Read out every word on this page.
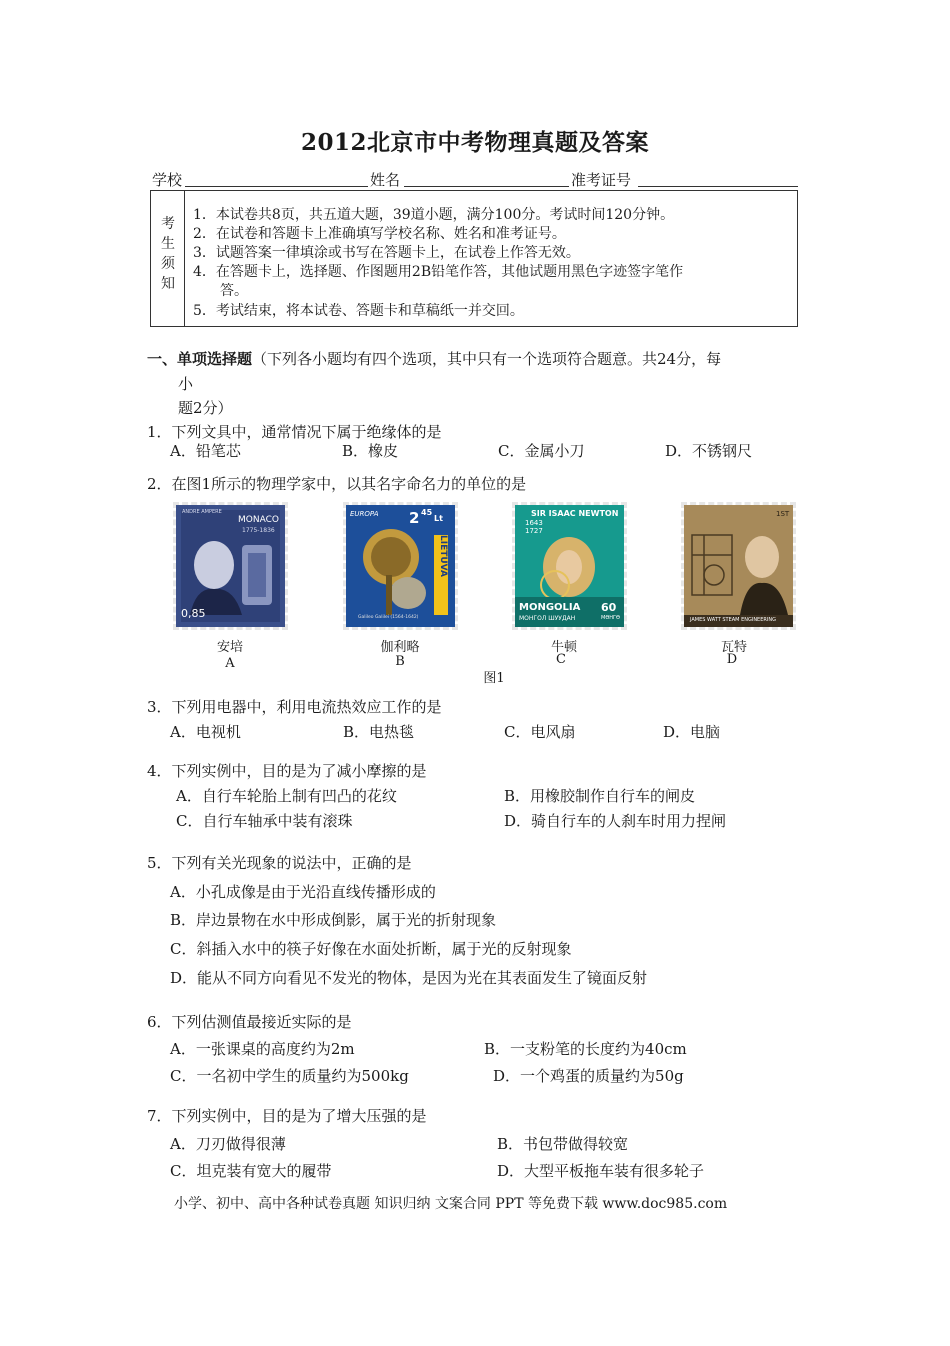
2012北京市中考物理真题及答案
学校	姓名	准考证号
考
生
须
知
1．本试卷共8页，共五道大题，39道小题，满分100分。考试时间120分钟。
2．在试卷和答题卡上准确填写学校名称、姓名和准考证号。
3．试题答案一律填涂或书写在答题卡上，在试卷上作答无效。
4．在答题卡上，选择题、作图题用2B铅笔作答，其他试题用黑色字迹签字笔作
答。
5．考试结束，将本试卷、答题卡和草稿纸一并交回。
一、单项选择题（下列各小题均有四个选项，其中只有一个选项符合题意。共24分，每
小
题2分）
1．下列文具中，通常情况下属于绝缘体的是
A．铅笔芯	B．橡皮	C．金属小刀	D．不锈钢尺
2．在图1所示的物理学家中，以其名字命名力的单位的是
ANDRE AMPERE
MONACO
1775-1836
0,85
EUROPA 2 45
Lt
LIETUVA
Galileo Galilei (1564-1642)
SIR ISAAC NEWTON
1643
1727
MONGOLIA 60
МОНГОЛ ШУУДАН	МӨНГӨ
1ST
JAMES WATT STEAM ENGINEERING
安培
A
伽利略
B
牛顿
C
瓦特
D
图1
3．下列用电器中，利用电流热效应工作的是
A．电视机	B．电热毯	C．电风扇	D．电脑
4．下列实例中，目的是为了减小摩擦的是
A．自行车轮胎上制有凹凸的花纹	B．用橡胶制作自行车的闸皮
C．自行车轴承中装有滚珠	D．骑自行车的人刹车时用力捏闸
5．下列有关光现象的说法中，正确的是
A．小孔成像是由于光沿直线传播形成的
B．岸边景物在水中形成倒影，属于光的折射现象
C．斜插入水中的筷子好像在水面处折断，属于光的反射现象
D．能从不同方向看见不发光的物体，是因为光在其表面发生了镜面反射
6．下列估测值最接近实际的是
A．一张课桌的高度约为2m	B．一支粉笔的长度约为40cm
C．一名初中学生的质量约为500kg	D．一个鸡蛋的质量约为50g
7．下列实例中，目的是为了增大压强的是
A．刀刃做得很薄	B．书包带做得较宽
C．坦克装有宽大的履带	D．大型平板拖车装有很多轮子
小学、初中、高中各种试卷真题 知识归纳 文案合同 PPT 等免费下载 www.doc985.com
